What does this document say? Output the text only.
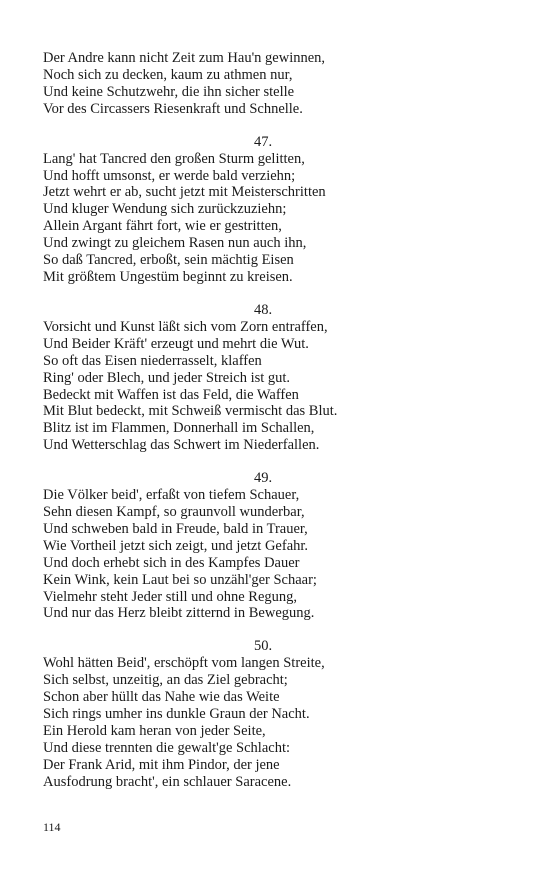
Der Andre kann nicht Zeit zum Hau'n gewinnen,
Noch sich zu decken, kaum zu athmen nur,
Und keine Schutzwehr, die ihn sicher stelle
Vor des Circassers Riesenkraft und Schnelle.
47.
Lang' hat Tancred den großen Sturm gelitten,
Und hofft umsonst, er werde bald verziehn;
Jetzt wehrt er ab, sucht jetzt mit Meisterschritten
Und kluger Wendung sich zurückzuziehn;
Allein Argant fährt fort, wie er gestritten,
Und zwingt zu gleichem Rasen nun auch ihn,
So daß Tancred, erboßt, sein mächtig Eisen
Mit größtem Ungestüm beginnt zu kreisen.
48.
Vorsicht und Kunst läßt sich vom Zorn entraffen,
Und Beider Kräft' erzeugt und mehrt die Wut.
So oft das Eisen niederrasselt, klaffen
Ring' oder Blech, und jeder Streich ist gut.
Bedeckt mit Waffen ist das Feld, die Waffen
Mit Blut bedeckt, mit Schweiß vermischt das Blut.
Blitz ist im Flammen, Donnerhall im Schallen,
Und Wetterschlag das Schwert im Niederfallen.
49.
Die Völker beid', erfaßt von tiefem Schauer,
Sehn diesen Kampf, so graunvoll wunderbar,
Und schweben bald in Freude, bald in Trauer,
Wie Vortheil jetzt sich zeigt, und jetzt Gefahr.
Und doch erhebt sich in des Kampfes Dauer
Kein Wink, kein Laut bei so unzähl'ger Schaar;
Vielmehr steht Jeder still und ohne Regung,
Und nur das Herz bleibt zitternd in Bewegung.
50.
Wohl hätten Beid', erschöpft vom langen Streite,
Sich selbst, unzeitig, an das Ziel gebracht;
Schon aber hüllt das Nahe wie das Weite
Sich rings umher ins dunkle Graun der Nacht.
Ein Herold kam heran von jeder Seite,
Und diese trennten die gewalt'ge Schlacht:
Der Frank Arid, mit ihm Pindor, der jene
Ausfodrung bracht', ein schlauer Saracene.
114
